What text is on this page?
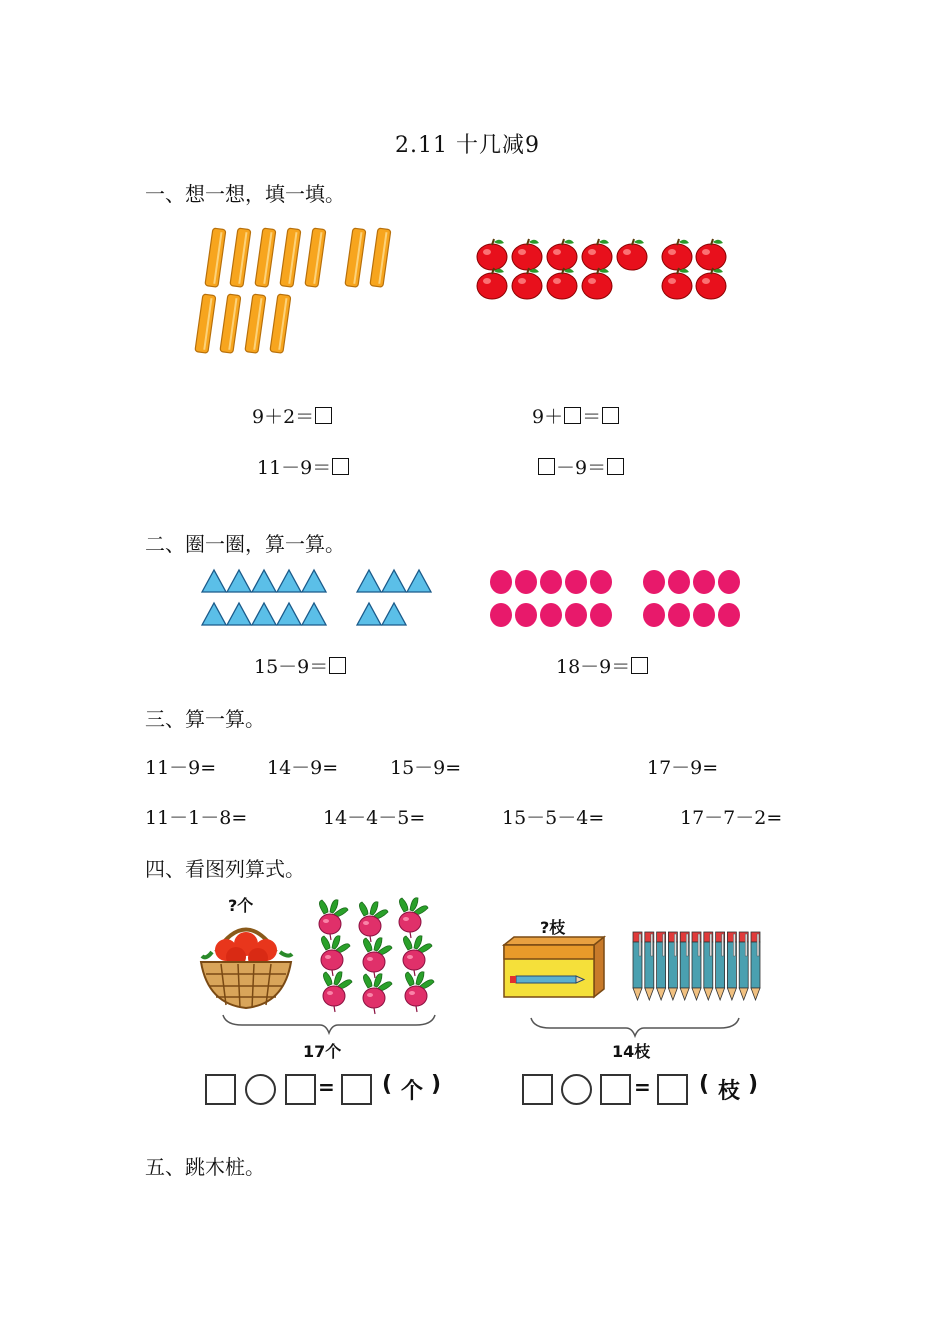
2.11 十几减9
一、想一想，填一填。
9＋2＝
11－9＝
9＋ ＝
－9＝
二、圈一圈，算一算。
15－9＝	18－9＝
三、算一算。
11－9=	14－9=	15－9=	17－9=
11－1－8=	14－4－5=	15－5－4=	17－7－2=
四、看图列算式。
?个
17个
= ( 个 )
?枝
14枝
= ( 枝 )
五、跳木桩。
